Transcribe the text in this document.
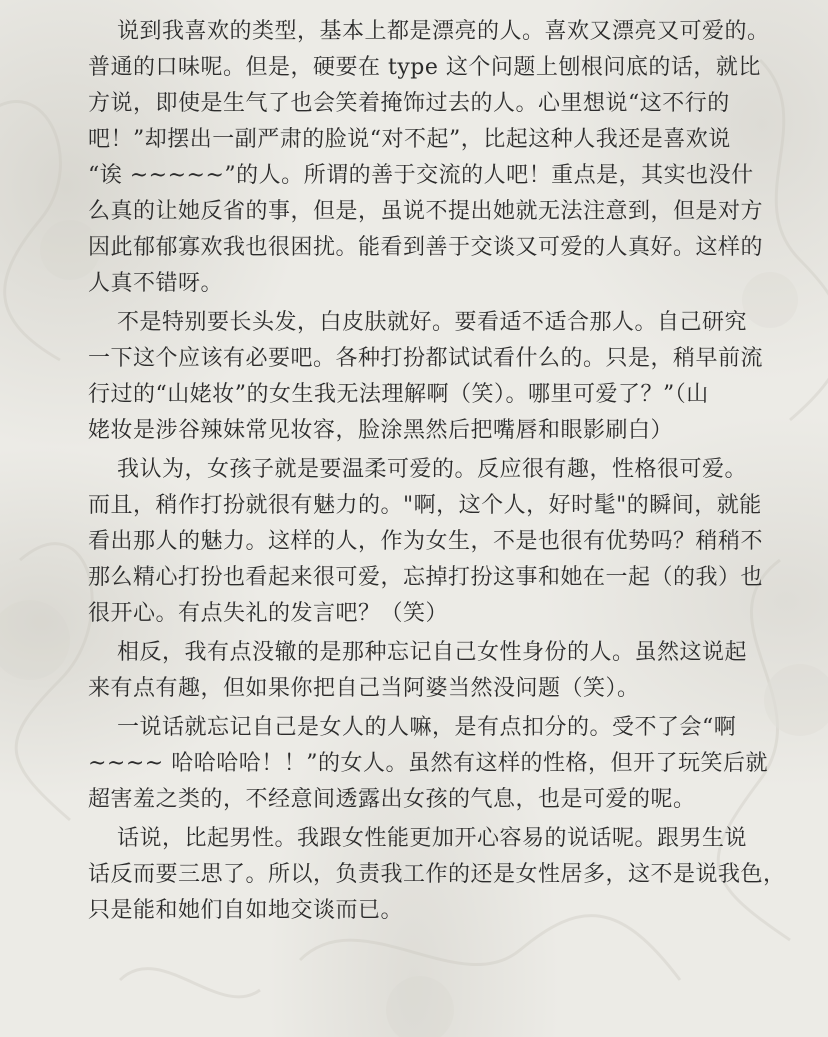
说到我喜欢的类型，基本上都是漂亮的人。喜欢又漂亮又可爱的。
普通的口味呢。但是，硬要在 type 这个问题上刨根问底的话，就比
方说，即使是生气了也会笑着掩饰过去的人。心里想说“这不行的
吧！”却摆出一副严肃的脸说“对不起”，比起这种人我还是喜欢说
“诶 ~~~~~”的人。所谓的善于交流的人吧！重点是，其实也没什
么真的让她反省的事，但是，虽说不提出她就无法注意到，但是对方
因此郁郁寡欢我也很困扰。能看到善于交谈又可爱的人真好。这样的
人真不错呀。
不是特别要长头发，白皮肤就好。要看适不适合那人。自己研究
一下这个应该有必要吧。各种打扮都试试看什么的。只是，稍早前流
行过的“山姥妆”的女生我无法理解啊（笑）。哪里可爱了？”（山
姥妆是涉谷辣妹常见妆容，脸涂黑然后把嘴唇和眼影刷白）
我认为，女孩子就是要温柔可爱的。反应很有趣，性格很可爱。
而且，稍作打扮就很有魅力的。"啊，这个人，好时髦"的瞬间，就能
看出那人的魅力。这样的人，作为女生，不是也很有优势吗？稍稍不
那么精心打扮也看起来很可爱，忘掉打扮这事和她在一起（的我）也
很开心。有点失礼的发言吧？（笑）
相反，我有点没辙的是那种忘记自己女性身份的人。虽然这说起
来有点有趣，但如果你把自己当阿婆当然没问题（笑）。
一说话就忘记自己是女人的人嘛，是有点扣分的。受不了会“啊
~~~~ 哈哈哈哈！！”的女人。虽然有这样的性格，但开了玩笑后就
超害羞之类的，不经意间透露出女孩的气息，也是可爱的呢。
话说，比起男性。我跟女性能更加开心容易的说话呢。跟男生说
话反而要三思了。所以，负责我工作的还是女性居多，这不是说我色，
只是能和她们自如地交谈而已。
